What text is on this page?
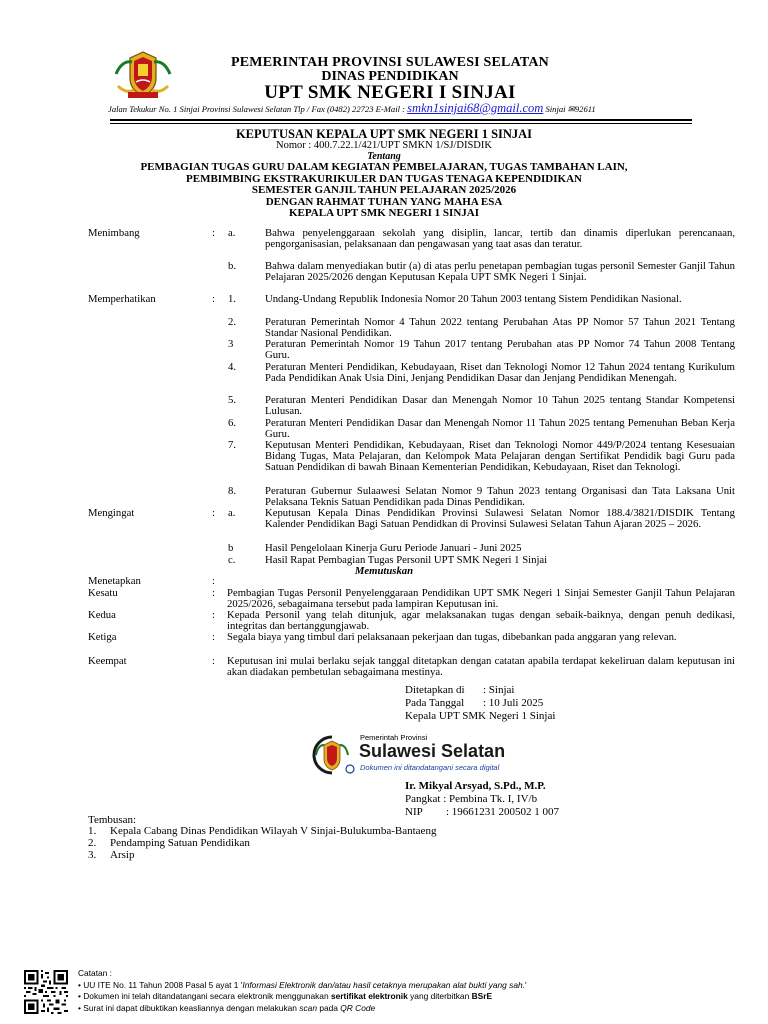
PEMERINTAH PROVINSI SULAWESI SELATAN
DINAS PENDIDIKAN
UPT SMK NEGERI I SINJAI
Jalan Tekukur No. 1 Sinjai Provinsi Sulawesi Selatan Tlp / Fax (0482) 22723 E-Mail : smkn1sinjai68@gmail.com Sinjai ✉92611
KEPUTUSAN KEPALA UPT SMK NEGERI 1 SINJAI
Nomor : 400.7.22.1/421/UPT SMKN 1/SJ/DISDIK
Tentang
PEMBAGIAN TUGAS GURU DALAM KEGIATAN PEMBELAJARAN, TUGAS TAMBAHAN LAIN,
PEMBIMBING EKSTRAKURIKULER DAN TUGAS TENAGA KEPENDIDIKAN
SEMESTER GANJIL TAHUN PELAJARAN 2025/2026
DENGAN RAHMAT TUHAN YANG MAHA ESA
KEPALA UPT SMK NEGERI 1 SINJAI
Menimbang	: a.	Bahwa penyelenggaraan sekolah yang disiplin, lancar, tertib dan dinamis diperlukan perencanaan, pengorganisasian, pelaksanaan dan pengawasan yang taat asas dan teratur.
b.	Bahwa dalam menyediakan butir (a) di atas perlu penetapan pembagian tugas personil Semester Ganjil Tahun Pelajaran 2025/2026 dengan Keputusan Kepala UPT SMK Negeri 1 Sinjai.
Memperhatikan	: 1.	Undang-Undang Republik Indonesia Nomor 20 Tahun 2003 tentang Sistem Pendidikan Nasional.
2.	Peraturan Pemerintah Nomor 4 Tahun 2022 tentang Perubahan Atas PP Nomor 57 Tahun 2021 Tentang Standar Nasional Pendidikan.
3	Peraturan Pemerintah Nomor 19 Tahun 2017 tentang Perubahan atas PP Nomor 74 Tahun 2008 Tentang Guru.
4.	Peraturan Menteri Pendidikan, Kebudayaan, Riset dan Teknologi Nomor 12 Tahun 2024 tentang Kurikulum Pada Pendidikan Anak Usia Dini, Jenjang Pendidikan Dasar dan Jenjang Pendidikan Menengah.
5.	Peraturan Menteri Pendidikan Dasar dan Menengah Nomor 10 Tahun 2025 tentang Standar Kompetensi Lulusan.
6.	Peraturan Menteri Pendidikan Dasar dan Menengah Nomor 11 Tahun 2025 tentang Pemenuhan Beban Kerja Guru.
7.	Keputusan Menteri Pendidikan, Kebudayaan, Riset dan Teknologi Nomor 449/P/2024 tentang Kesesuaian Bidang Tugas, Mata Pelajaran, dan Kelompok Mata Pelajaran dengan Sertifikat Pendidik bagi Guru pada Satuan Pendidikan di bawah Binaan Kementerian Pendidikan, Kebudayaan, Riset dan Teknologi.
8.	Peraturan Gubernur Sulaawesi Selatan Nomor 9 Tahun 2023 tentang Organisasi dan Tata Laksana Unit Pelaksana Teknis Satuan Pendidikan pada Dinas Pendidikan.
Mengingat	: a.	Keputusan Kepala Dinas Pendidikan Provinsi Sulawesi Selatan Nomor 188.4/3821/DISDIK Tentang Kalender Pendidikan Bagi Satuan Pendidkan di Provinsi Sulawesi Selatan Tahun Ajaran 2025 – 2026.
b	Hasil Pengelolaan Kinerja Guru Periode Januari - Juni 2025
c.	Hasil Rapat Pembagian Tugas Personil UPT SMK Negeri 1 Sinjai
Memutuskan
Menetapkan	:
Kesatu	: Pembagian Tugas Personil Penyelenggaraan Pendidikan UPT SMK Negeri 1 Sinjai Semester Ganjil Tahun Pelajaran 2025/2026, sebagaimana tersebut pada lampiran Keputusan ini.
Kedua	: Kepada Personil yang telah ditunjuk, agar melaksanakan tugas dengan sebaik-baiknya, dengan penuh dedikasi, integritas dan bertanggungjawab.
Ketiga	: Segala biaya yang timbul dari pelaksanaan pekerjaan dan tugas, dibebankan pada anggaran yang relevan.
Keempat	: Keputusan ini mulai berlaku sejak tanggal ditetapkan dengan catatan apabila terdapat kekeliruan dalam keputusan ini akan diadakan pembetulan sebagaimana mestinya.
Ditetapkan di : Sinjai
Pada Tanggal : 10 Juli 2025
Kepala UPT SMK Negeri 1 Sinjai
Pemerintah Provinsi
Sulawesi Selatan
Dokumen ini ditandatangani secara digital
Ir. Mikyal Arsyad, S.Pd., M.P.
Pangkat : Pembina Tk. I, IV/b
NIP : 19661231 200502 1 007
Tembusan:
1. Kepala Cabang Dinas Pendidikan Wilayah V Sinjai-Bulukumba-Bantaeng
2. Pendamping Satuan Pendidikan
3. Arsip
Catatan :
• UU ITE No. 11 Tahun 2008 Pasal 5 ayat 1 'Informasi Elektronik dan/atau hasil cetaknya merupakan alat bukti yang sah.'
• Dokumen ini telah ditandatangani secara elektronik menggunakan sertifikat elektronik yang diterbitkan BSrE
• Surat ini dapat dibuktikan keasliannya dengan melakukan scan pada QR Code
